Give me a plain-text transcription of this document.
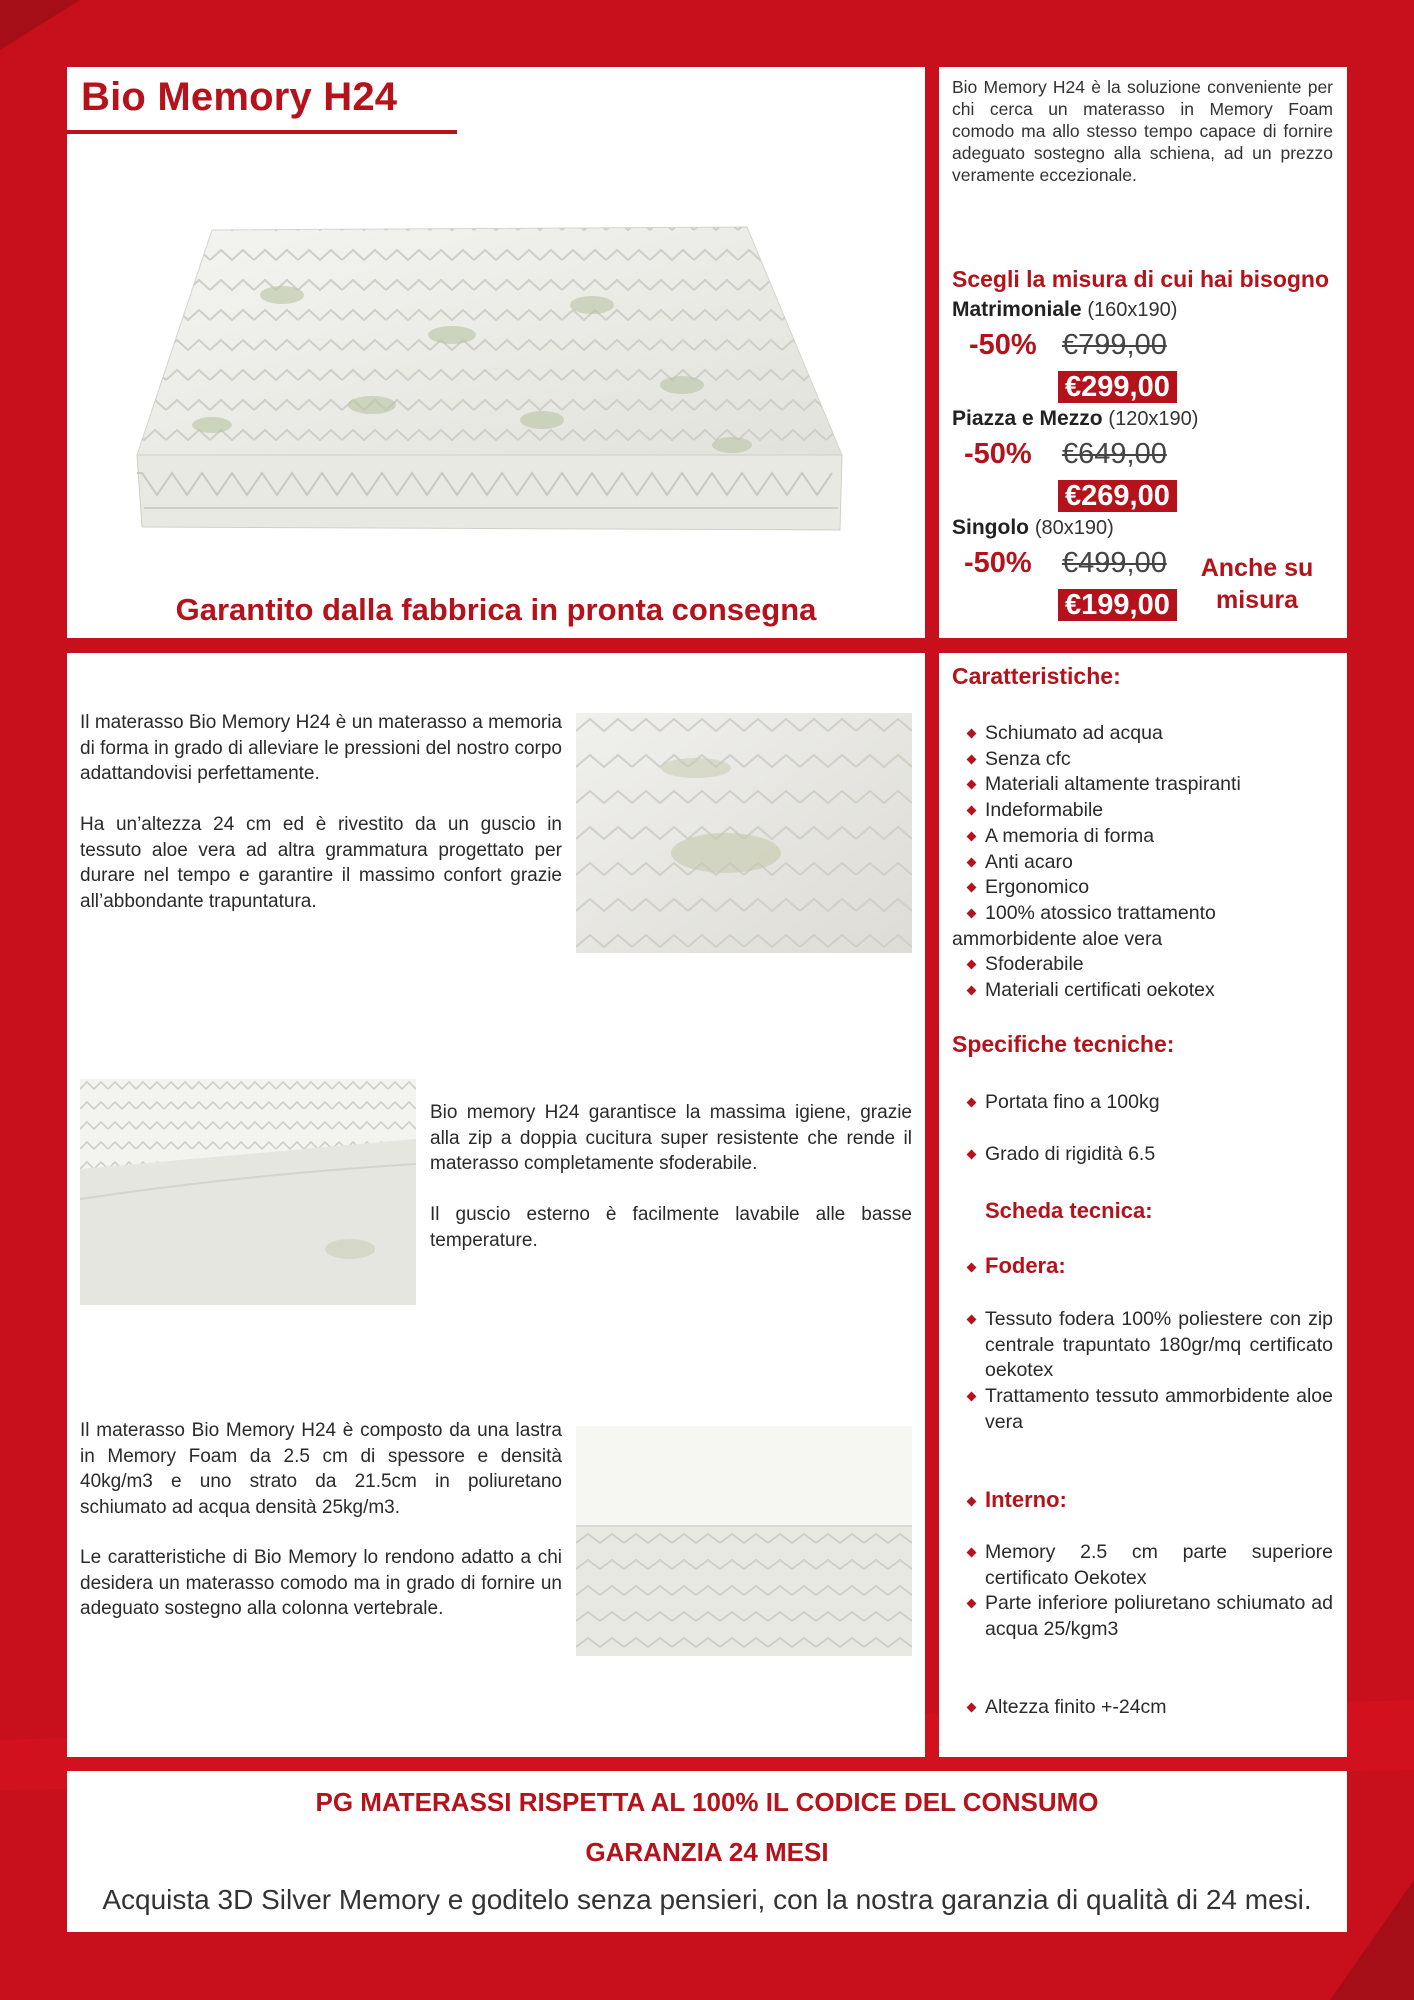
Bio Memory H24
Garantito dalla fabbrica in pronta consegna
Bio Memory H24 è la soluzione conveniente per chi cerca un materasso in Memory Foam comodo ma allo stesso tempo capace di fornire adeguato sostegno alla schiena, ad un prezzo veramente eccezionale.
Scegli la misura di cui hai bisogno
Matrimoniale (160x190)
-50% €799,00
€299,00
Piazza e Mezzo (120x190)
-50% €649,00
€269,00
Singolo (80x190)
-50% €499,00
€199,00
Anche su
misura
Il materasso Bio Memory H24 è un materasso a memoria di forma in grado di alleviare le pressioni del nostro corpo adattandovisi perfettamente.
Ha un’altezza 24 cm ed è rivestito da un guscio in tessuto aloe vera ad altra grammatura progettato per durare nel tempo e garantire il massimo confort grazie all’abbondante trapuntatura.
Bio memory H24 garantisce la massima igiene, grazie alla zip a doppia cucitura super resistente che rende il materasso completamente sfoderabile.
Il guscio esterno è facilmente lavabile alle basse temperature.
Il materasso Bio Memory H24 è composto da una lastra in Memory Foam da 2.5 cm di spessore e densità 40kg/m3 e uno strato da 21.5cm in poliuretano schiumato ad acqua densità 25kg/m3.
Le caratteristiche di Bio Memory lo rendono adatto a chi desidera un materasso comodo ma in grado di fornire un adeguato sostegno alla colonna vertebrale.
Caratteristiche:
Schiumato ad acqua
Senza cfc
Materiali altamente traspiranti
Indeformabile
A memoria di forma
Anti acaro
Ergonomico
100% atossico trattamento ammorbidente aloe vera
Sfoderabile
Materiali certificati oekotex
Specifiche tecniche:
Portata fino a 100kg
Grado di rigidità 6.5
Scheda tecnica:
Fodera:
Tessuto fodera 100% poliestere con zip centrale trapuntato 180gr/mq certificato oekotex
Trattamento tessuto ammorbidente aloe vera
Interno:
Memory 2.5 cm parte superiore certificato Oekotex
Parte inferiore poliuretano schiumato ad acqua 25/kgm3
Altezza finito +-24cm
PG MATERASSI RISPETTA AL 100% IL CODICE DEL CONSUMO
GARANZIA 24 MESI
Acquista 3D Silver Memory e goditelo senza pensieri, con la nostra garanzia di qualità di 24 mesi.
